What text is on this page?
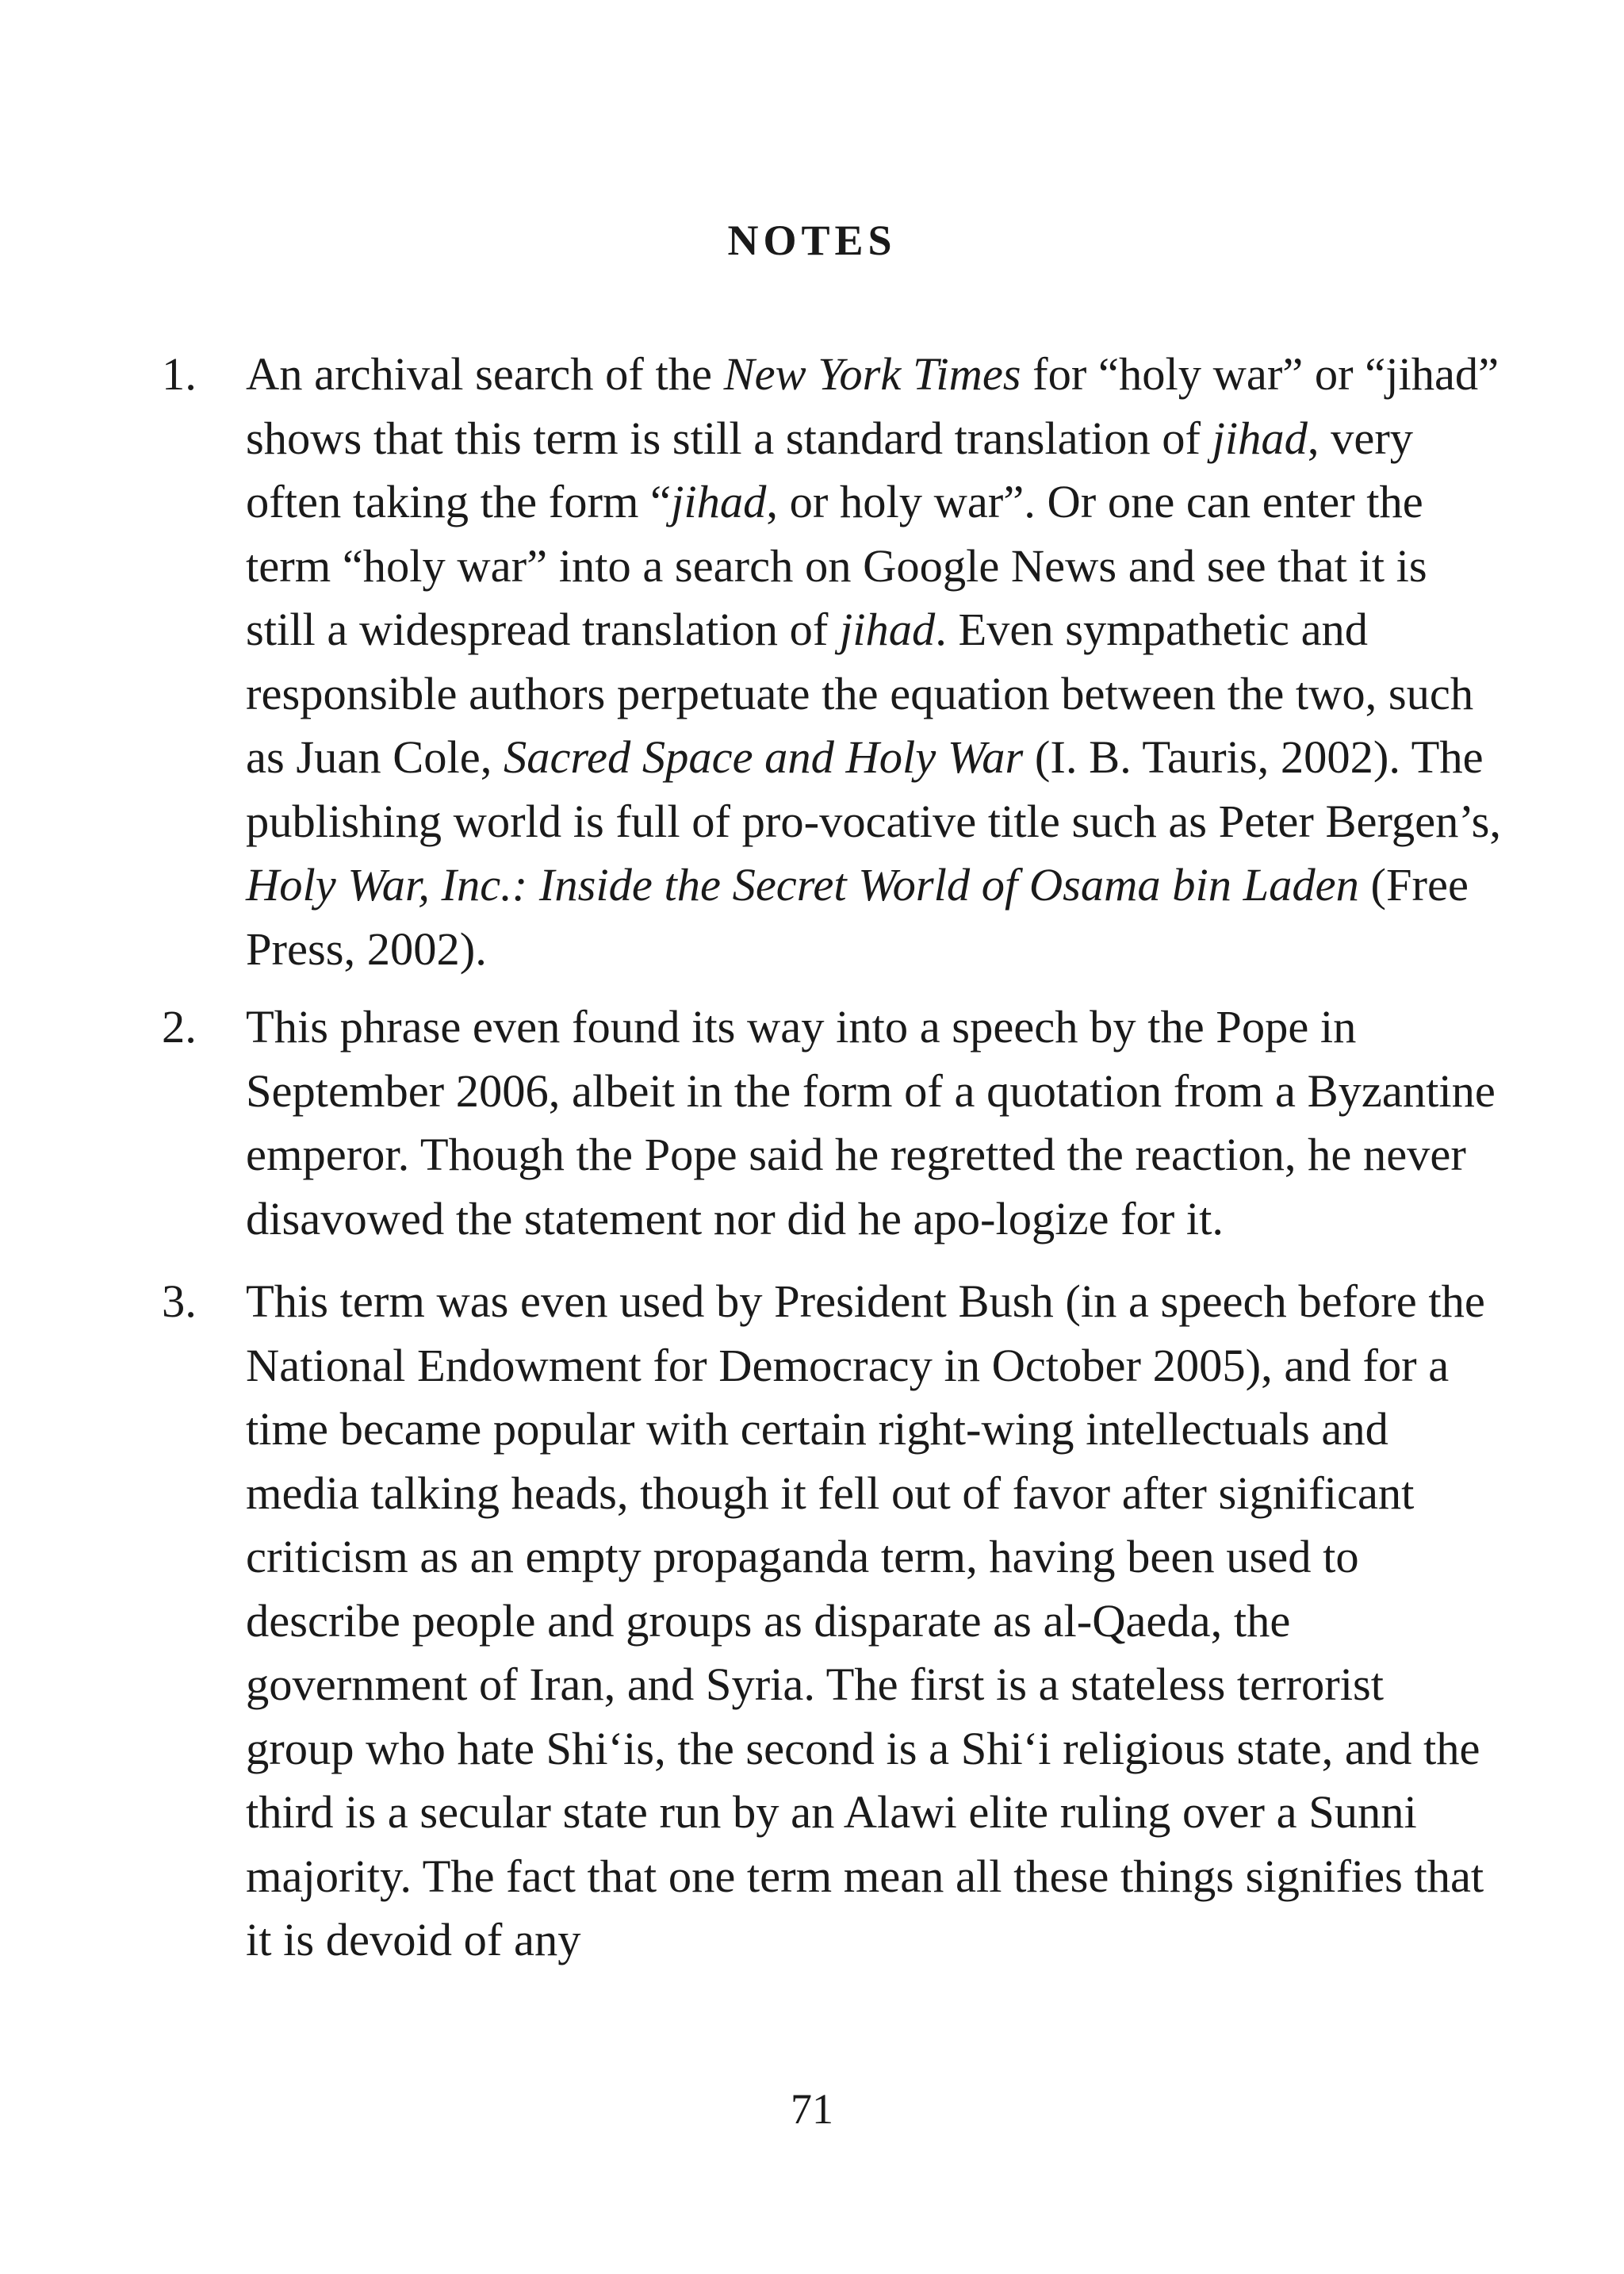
NOTES
1. An archival search of the New York Times for “holy war” or “jihad” shows that this term is still a standard translation of jihad, very often taking the form “jihad, or holy war”. Or one can enter the term “holy war” into a search on Google News and see that it is still a widespread translation of jihad. Even sympathetic and responsible authors perpetuate the equation between the two, such as Juan Cole, Sacred Space and Holy War (I. B. Tauris, 2002). The publishing world is full of pro-vocative title such as Peter Bergen’s, Holy War, Inc.: Inside the Secret World of Osama bin Laden (Free Press, 2002).
2. This phrase even found its way into a speech by the Pope in September 2006, albeit in the form of a quotation from a Byzantine emperor. Though the Pope said he regretted the reaction, he never disavowed the statement nor did he apo-logize for it.
3. This term was even used by President Bush (in a speech before the National Endowment for Democracy in October 2005), and for a time became popular with certain right-wing intellectuals and media talking heads, though it fell out of favor after significant criticism as an empty propaganda term, having been used to describe people and groups as disparate as al-Qaeda, the government of Iran, and Syria. The first is a stateless terrorist group who hate Shi‘is, the second is a Shi‘i religious state, and the third is a secular state run by an Alawi elite ruling over a Sunni majority. The fact that one term mean all these things signifies that it is devoid of any
71
